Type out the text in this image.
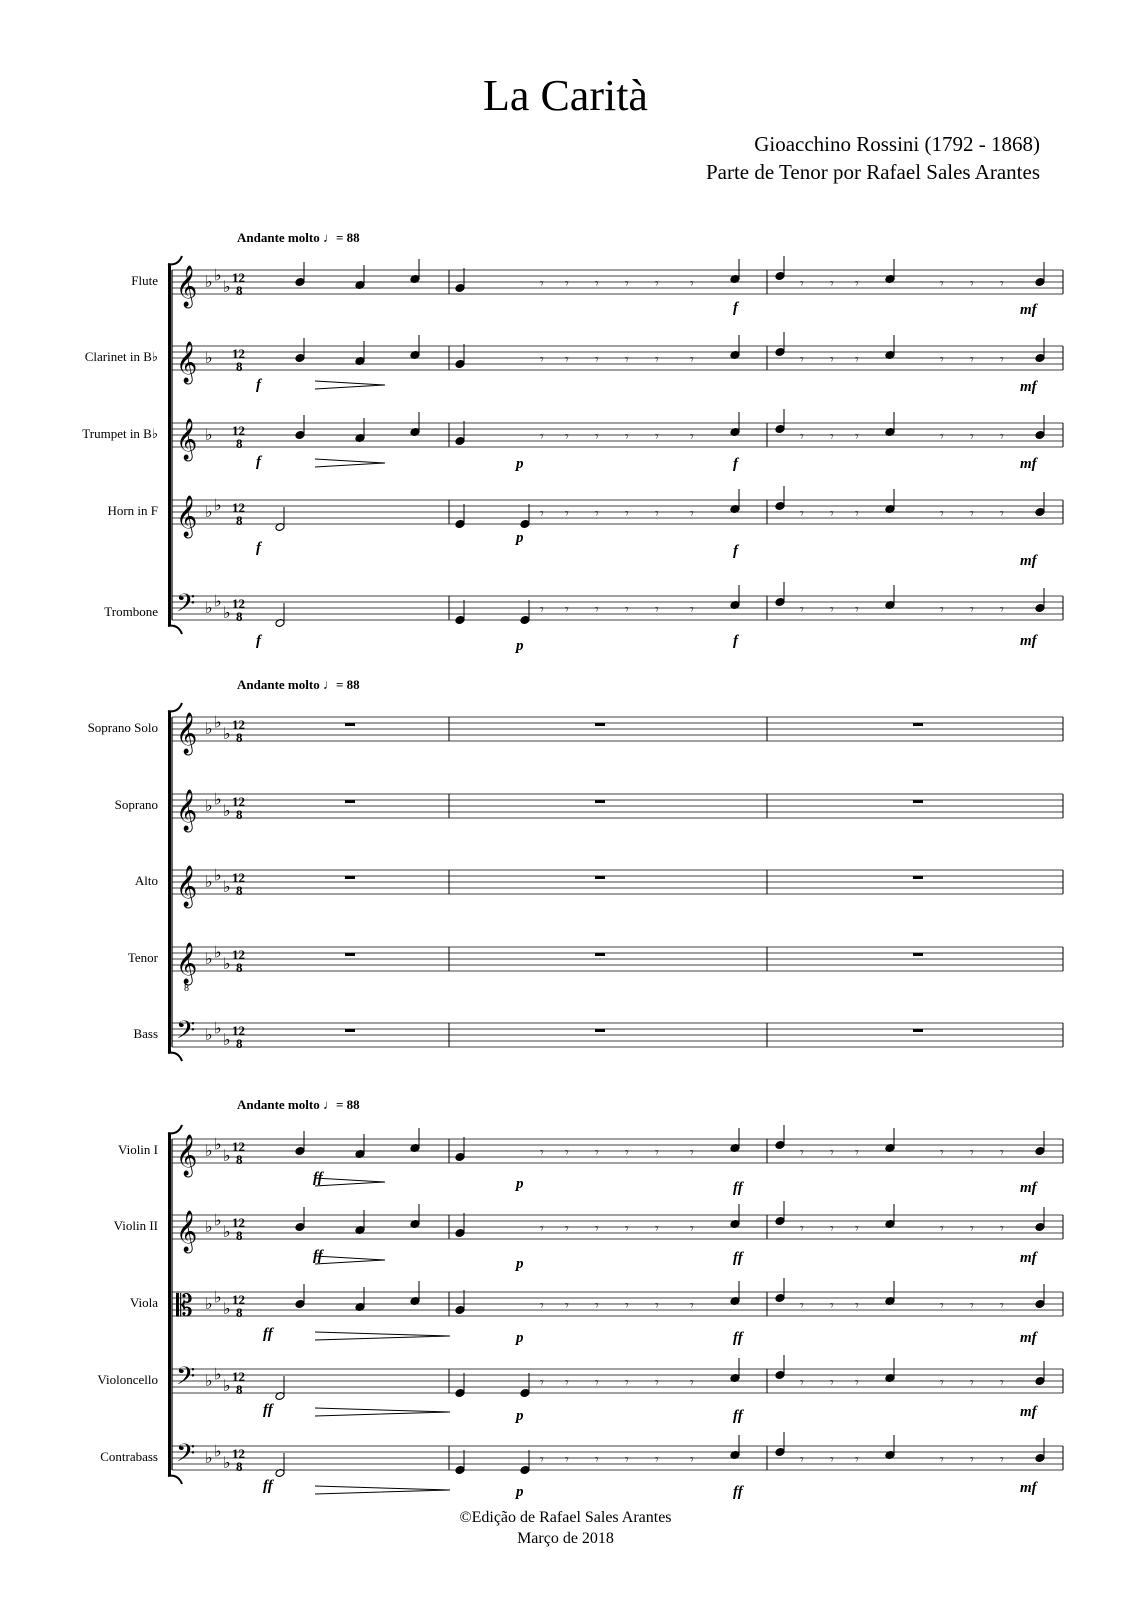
La Carità
Gioacchino Rossini (1792 - 1868)
Parte de Tenor por Rafael Sales Arantes
Andante molto ♩= 88
Andante molto ♩= 88
Andante molto ♩= 88
Flute
Clarinet in B♭
Trumpet in B♭
Horn in F
Trombone
Soprano Solo
Soprano
Alto
Tenor
Bass
Violin I
Violin II
Viola
Violoncello
Contrabass
f
f	mf
mf
f	p	f	mf
f
p
f
mf
f	p	f	mf
ff	p	ff	mf
ff	p	ff	mf
ff	p	ff	mf
ff	p	ff	mf
ff	p	ff	mf
©Edição de Rafael Sales Arantes
Março de 2018
𝄞 ♭ ♭
♭ 12
8
𝄞 ♭ 12
8
𝄞 ♭ 12
8
𝄞 ♭ ♭ 12
8
𝄢 ♭ ♭
♭ 12
8
𝄞 ♭ ♭
♭ 12
8
𝄞 ♭ ♭
♭ 12
8
𝄞 ♭ ♭
♭ 12
8
𝄞
8
♭ ♭
♭ 12
8
𝄢 ♭ ♭
♭ 12
8
𝄞 ♭ ♭
♭ 12
8
𝄞 ♭ ♭
♭ 12
8
𝄡 ♭ ♭
♭ 12
8
𝄢 ♭ ♭
♭ 12
8
𝄢 ♭ ♭
♭ 12
8
𝄾 𝄾 𝄾 𝄾 𝄾 𝄾	𝄾 𝄾 𝄾	𝄾 𝄾 𝄾
𝄾 𝄾 𝄾 𝄾 𝄾 𝄾	𝄾 𝄾 𝄾	𝄾 𝄾 𝄾
𝄾 𝄾 𝄾 𝄾 𝄾 𝄾	𝄾 𝄾 𝄾	𝄾 𝄾 𝄾
𝄾 𝄾 𝄾 𝄾 𝄾 𝄾	𝄾 𝄾 𝄾	𝄾 𝄾 𝄾
𝄾 𝄾 𝄾 𝄾 𝄾 𝄾	𝄾 𝄾 𝄾	𝄾 𝄾 𝄾
𝄾 𝄾 𝄾 𝄾 𝄾 𝄾	𝄾 𝄾 𝄾	𝄾 𝄾 𝄾
𝄾 𝄾 𝄾 𝄾 𝄾 𝄾	𝄾 𝄾 𝄾	𝄾 𝄾 𝄾
𝄾 𝄾 𝄾 𝄾 𝄾 𝄾	𝄾 𝄾 𝄾	𝄾 𝄾 𝄾
𝄾 𝄾 𝄾 𝄾 𝄾 𝄾	𝄾 𝄾 𝄾	𝄾 𝄾 𝄾
𝄾 𝄾 𝄾 𝄾 𝄾 𝄾	𝄾 𝄾 𝄾	𝄾 𝄾 𝄾
